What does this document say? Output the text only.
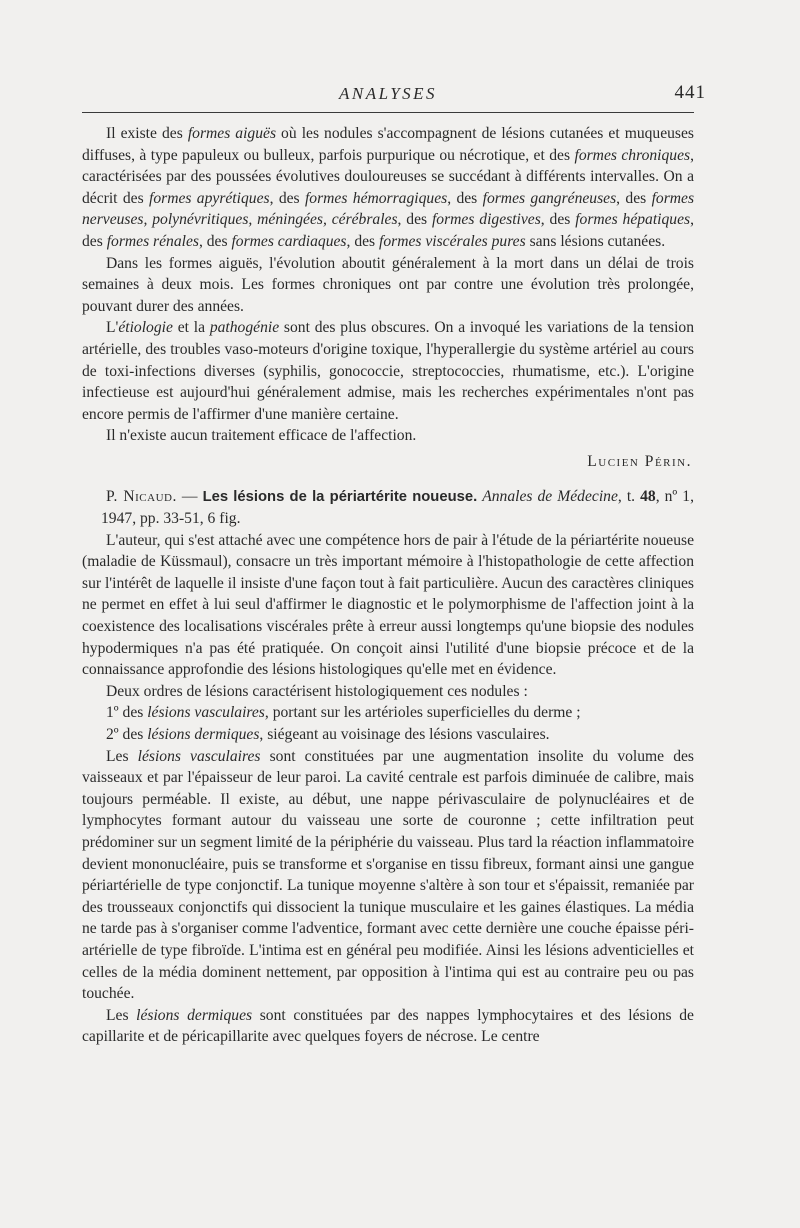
ANALYSES	441

Il existe des formes aiguës où les nodules s'accompagnent de lésions cutanées et muqueuses diffuses, à type papuleux ou bulleux, parfois purpurique ou nécrotique, et des formes chroniques, caractérisées par des poussées évolutives douloureuses se succédant à différents intervalles. On a décrit des formes apyrétiques, des formes hémorragiques, des formes gangréneuses, des formes nerveuses, polynévritiques, méningées, cérébrales, des formes digestives, des formes hépatiques, des formes rénales, des formes cardiaques, des formes viscérales pures sans lésions cutanées.

Dans les formes aiguës, l'évolution aboutit généralement à la mort dans un délai de trois semaines à deux mois. Les formes chroniques ont par contre une évolution très prolongée, pouvant durer des années.

L'étiologie et la pathogénie sont des plus obscures. On a invoqué les variations de la tension artérielle, des troubles vaso-moteurs d'origine toxique, l'hyperallergie du système artériel au cours de toxi-infections diverses (syphilis, gonococcie, streptococcies, rhumatisme, etc.). L'origine infectieuse est aujourd'hui généralement admise, mais les recherches expérimentales n'ont pas encore permis de l'affirmer d'une manière certaine.

Il n'existe aucun traitement efficace de l'affection.

Lucien Périn.

P. Nicaud. — Les lésions de la périartérite noueuse. Annales de Médecine, t. 48, nº 1, 1947, pp. 33-51, 6 fig.

L'auteur, qui s'est attaché avec une compétence hors de pair à l'étude de la périartérite noueuse (maladie de Küssmaul), consacre un très important mémoire à l'histopathologie de cette affection sur l'intérêt de laquelle il insiste d'une façon tout à fait particulière. Aucun des caractères cliniques ne permet en effet à lui seul d'affirmer le diagnostic et le polymorphisme de l'affection joint à la coexistence des localisations viscérales prête à erreur aussi longtemps qu'une biopsie des nodules hypodermiques n'a pas été pratiquée. On conçoit ainsi l'utilité d'une biopsie précoce et de la connaissance approfondie des lésions histologiques qu'elle met en évidence.

Deux ordres de lésions caractérisent histologiquement ces nodules :

1º des lésions vasculaires, portant sur les artérioles superficielles du derme ;

2º des lésions dermiques, siégeant au voisinage des lésions vasculaires.

Les lésions vasculaires sont constituées par une augmentation insolite du volume des vaisseaux et par l'épaisseur de leur paroi. La cavité centrale est parfois diminuée de calibre, mais toujours perméable. Il existe, au début, une nappe périvasculaire de polynucléaires et de lymphocytes formant autour du vaisseau une sorte de couronne ; cette infiltration peut prédominer sur un segment limité de la périphérie du vaisseau. Plus tard la réaction inflammatoire devient mononucléaire, puis se transforme et s'organise en tissu fibreux, formant ainsi une gangue périartérielle de type conjonctif. La tunique moyenne s'altère à son tour et s'épaissit, remaniée par des trousseaux conjonctifs qui dissocient la tunique musculaire et les gaines élastiques. La média ne tarde pas à s'organiser comme l'adventice, formant avec cette dernière une couche épaisse péri-artérielle de type fibroïde. L'intima est en général peu modifiée. Ainsi les lésions adventicielles et celles de la média dominent nettement, par opposition à l'intima qui est au contraire peu ou pas touchée.

Les lésions dermiques sont constituées par des nappes lymphocytaires et des lésions de capillarite et de péricapillarite avec quelques foyers de nécrose. Le centre
